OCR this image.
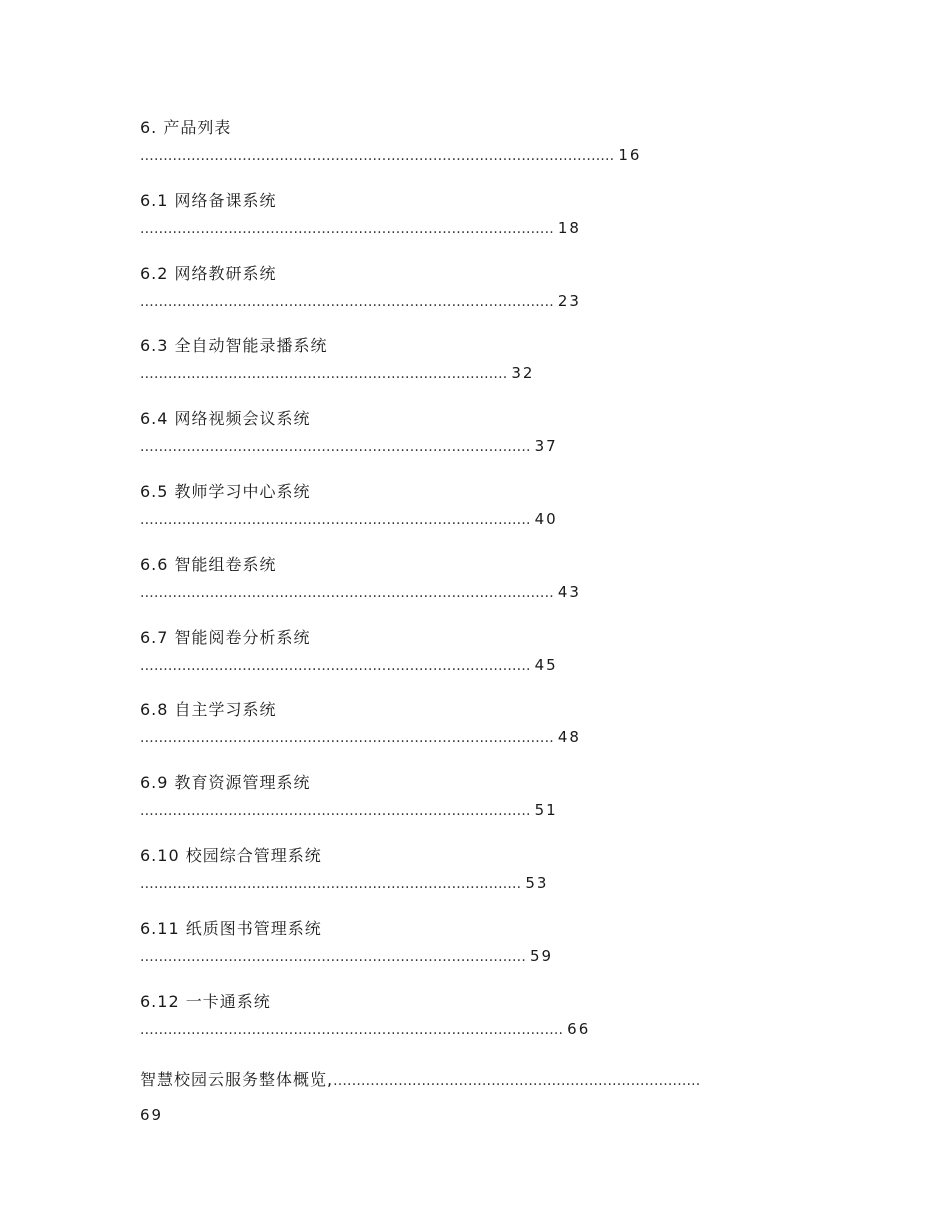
6. 产品列表
...................................................................................................... 16
6.1 网络备课系统
......................................................................................... 18
6.2 网络教研系统
......................................................................................... 23
6.3 全自动智能录播系统
............................................................................... 32
6.4 网络视频会议系统
.................................................................................... 37
6.5 教师学习中心系统
.................................................................................... 40
6.6 智能组卷系统
......................................................................................... 43
6.7 智能阅卷分析系统
.................................................................................... 45
6.8 自主学习系统
......................................................................................... 48
6.9 教育资源管理系统
.................................................................................... 51
6.10 校园综合管理系统
.................................................................................. 53
6.11 纸质图书管理系统
................................................................................... 59
6.12 一卡通系统
........................................................................................... 66
智慧校园云服务整体概览,...............................................................................
69
